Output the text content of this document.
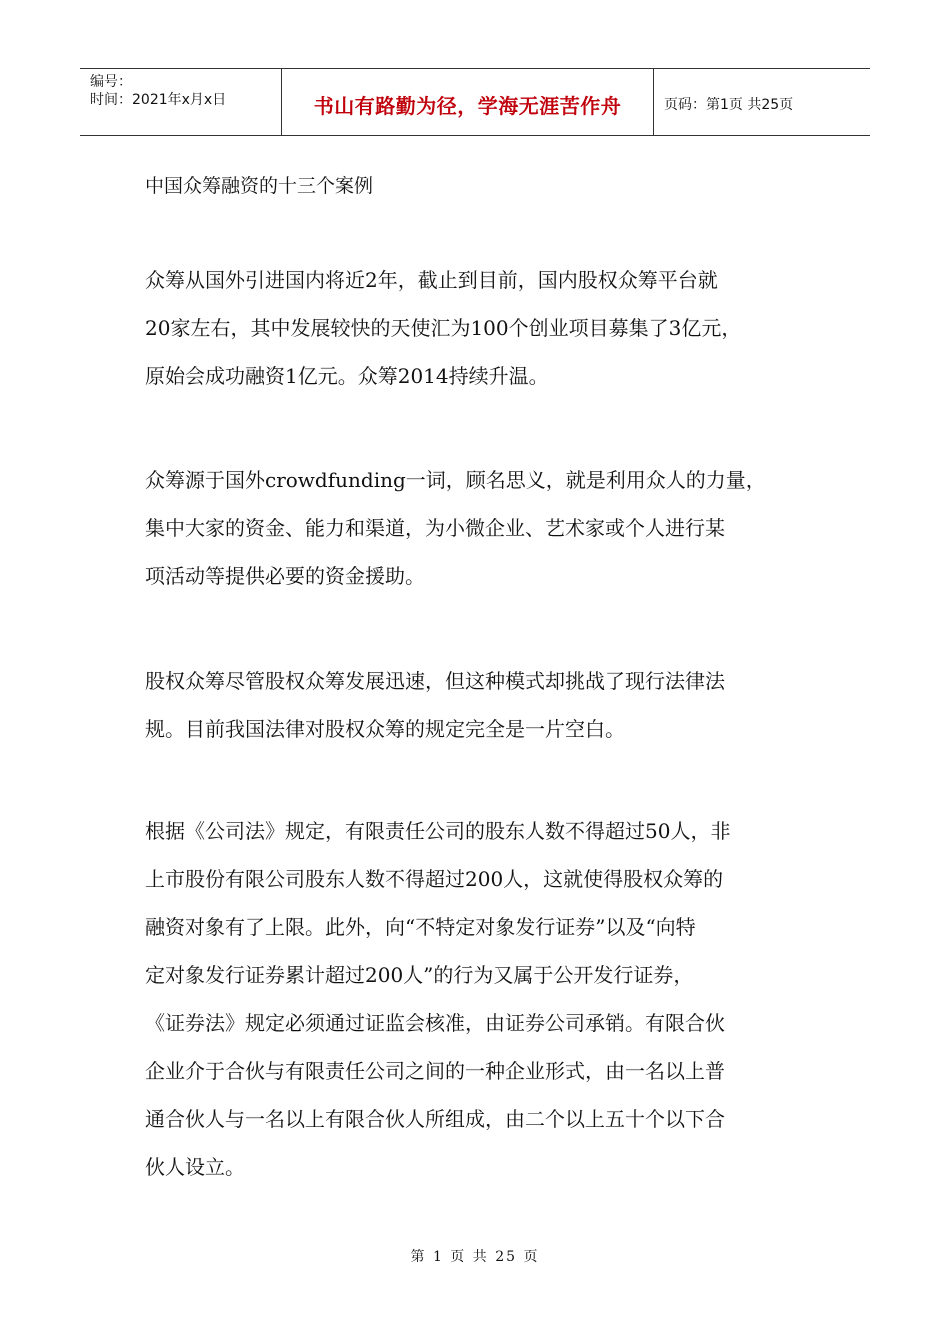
编号：
时间：2021年x月x日	书山有路勤为径，学海无涯苦作舟	页码：第1页 共25页
中国众筹融资的十三个案例
众筹从国外引进国内将近2年，截止到目前，国内股权众筹平台就
20家左右，其中发展较快的天使汇为100个创业项目募集了3亿元，
原始会成功融资1亿元。众筹2014持续升温。
众筹源于国外crowdfunding一词，顾名思义，就是利用众人的力量，
集中大家的资金、能力和渠道，为小微企业、艺术家或个人进行某
项活动等提供必要的资金援助。
股权众筹尽管股权众筹发展迅速，但这种模式却挑战了现行法律法
规。目前我国法律对股权众筹的规定完全是一片空白。
根据《公司法》规定，有限责任公司的股东人数不得超过50人，非
上市股份有限公司股东人数不得超过200人，这就使得股权众筹的
融资对象有了上限。此外，向“不特定对象发行证券”以及“向特
定对象发行证券累计超过200人”的行为又属于公开发行证券，
《证券法》规定必须通过证监会核准，由证券公司承销。有限合伙
企业介于合伙与有限责任公司之间的一种企业形式，由一名以上普
通合伙人与一名以上有限合伙人所组成，由二个以上五十个以下合
伙人设立。
第 1 页 共 25 页
